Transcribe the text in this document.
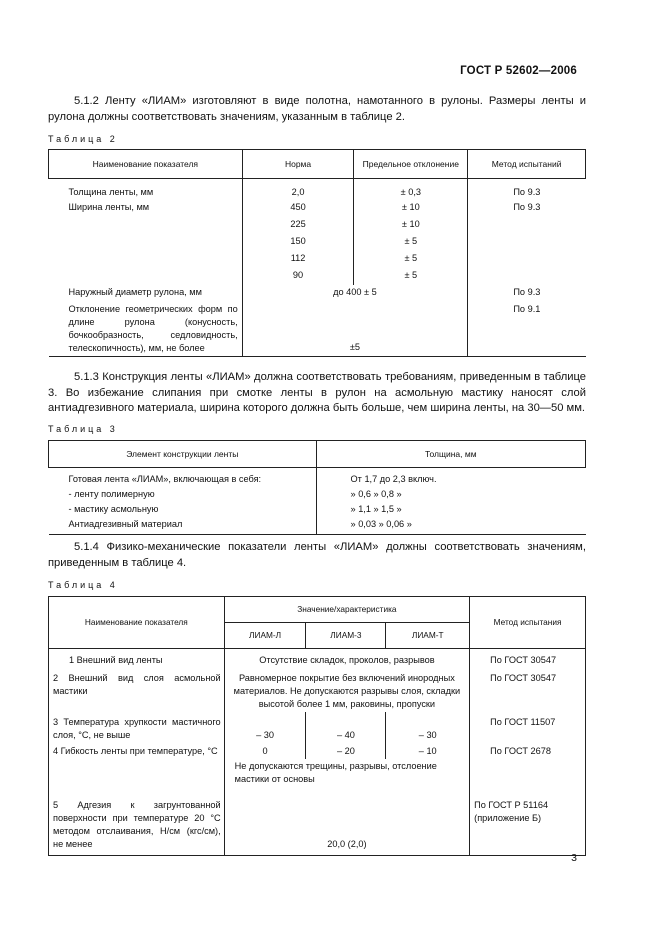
ГОСТ Р 52602—2006

5.1.2 Ленту «ЛИАМ» изготовляют в виде полотна, намотанного в рулоны. Размеры ленты и рулона должны соответствовать значениям, указанным в таблице 2.

Таблица 2
Наименование показателя	Норма	Предельное отклонение	Метод испытаний
Толщина ленты, мм	2,0	± 0,3	По 9.3
Ширина ленты, мм	450	± 10	По 9.3
	225	± 10	
	150	± 5	
	112	± 5	
	90	± 5	
Наружный диаметр рулона, мм	до 400 ± 5		По 9.3
Отклонение геометрических форм по длине рулона (конусность, бочкообразность, седловидность, телескопичность), мм, не более	±5		По 9.1

5.1.3 Конструкция ленты «ЛИАМ» должна соответствовать требованиям, приведенным в таблице 3. Во избежание слипания при смотке ленты в рулон на асмольную мастику наносят слой антиадгезивного материала, ширина которого должна быть больше, чем ширина ленты, на 30—50 мм.

Таблица 3
Элемент конструкции ленты	Толщина, мм
Готовая лента «ЛИАМ», включающая в себя:	От 1,7 до 2,3 включ.
- ленту полимерную	» 0,6 » 0,8 »
- мастику асмольную	» 1,1 » 1,5 »
Антиадгезивный материал	» 0,03 » 0,06 »

5.1.4 Физико-механические показатели ленты «ЛИАМ» должны соответствовать значениям, приведенным в таблице 4.

Таблица 4
Наименование показателя	Значение/характеристика			Метод испытания
	ЛИАМ-Л	ЛИАМ-3	ЛИАМ-Т	
1 Внешний вид ленты	Отсутствие складок, проколов, разрывов			По ГОСТ 30547
2 Внешний вид слоя асмольной мастики	Равномерное покрытие без включений инородных материалов. Не допускаются разрывы слоя, складки высотой более 1 мм, раковины, пропуски			По ГОСТ 30547
3 Температура хрупкости мастичного слоя, °С, не выше	– 30	– 40	– 30	По ГОСТ 11507
4 Гибкость ленты при температуре, °С	0	– 20	– 10	По ГОСТ 2678
	Не допускаются трещины, разрывы, отслоение мастики от основы			
5 Адгезия к загрунтованной поверхности при температуре 20 °С методом отслаивания, Н/см (кгс/см), не менее	20,0 (2,0)			По ГОСТ Р 51164
(приложение Б)
3
